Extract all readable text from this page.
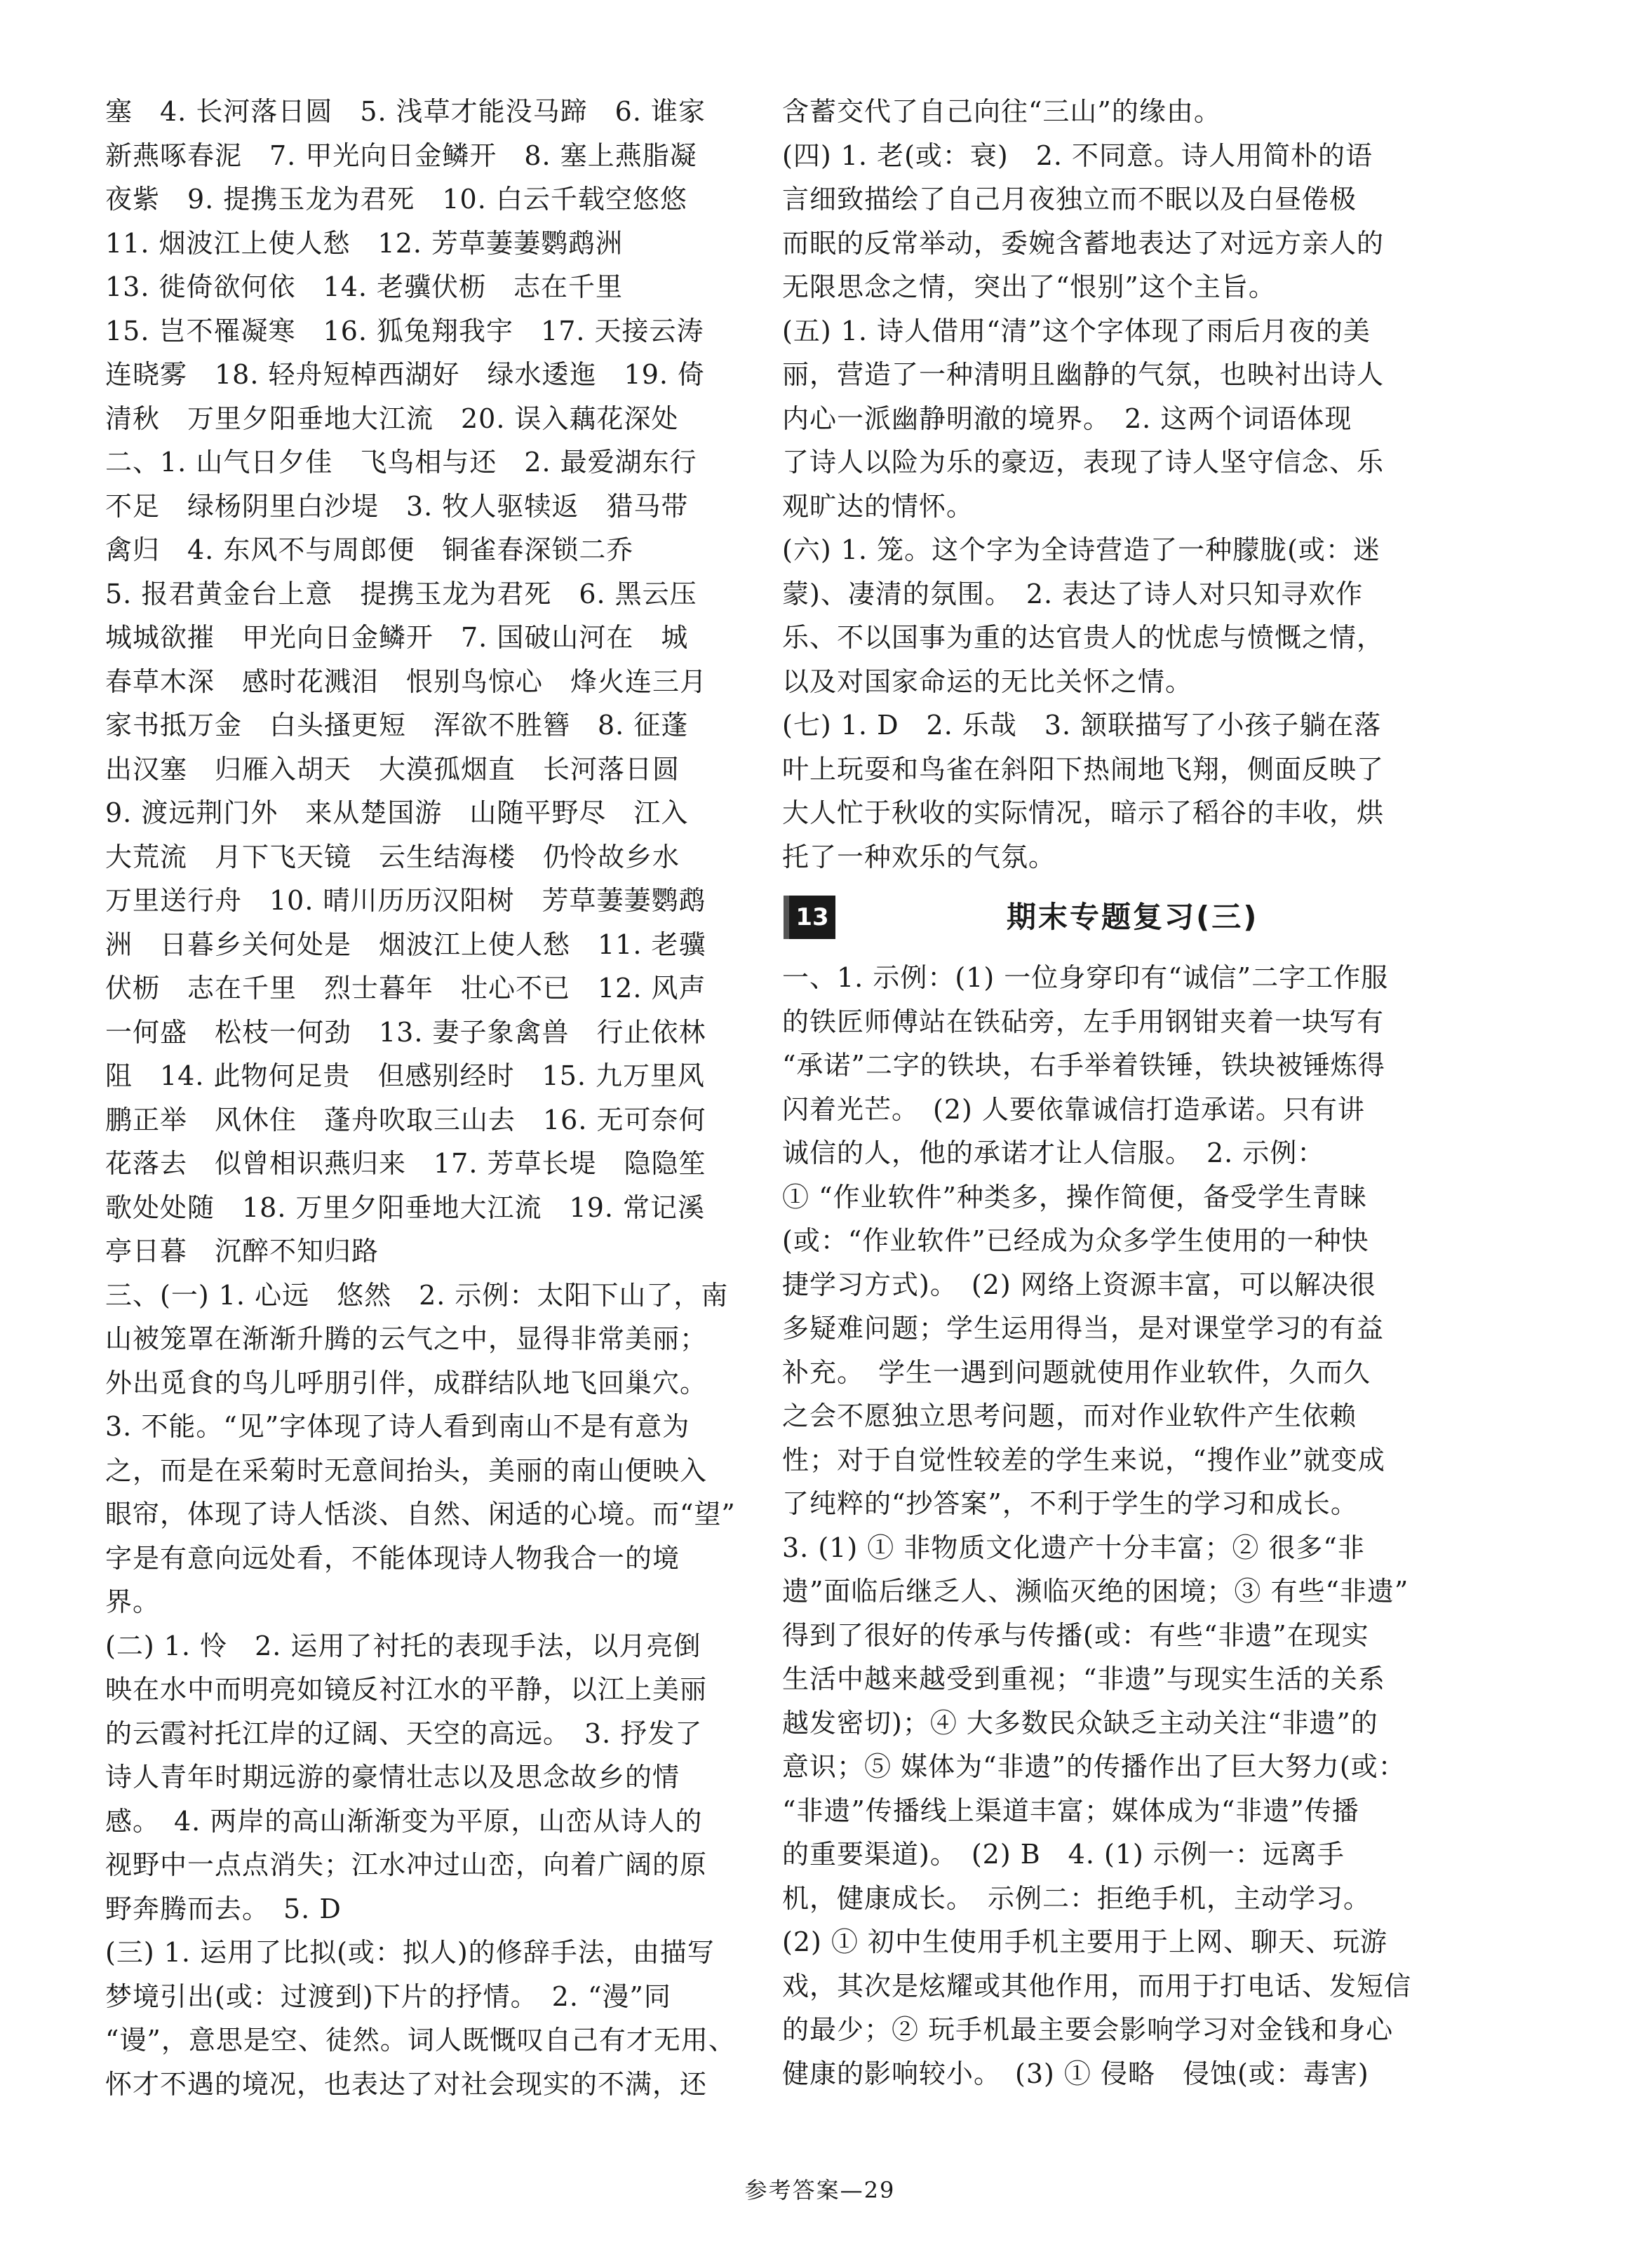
塞　4. 长河落日圆　5. 浅草才能没马蹄　6. 谁家
新燕啄春泥　7. 甲光向日金鳞开　8. 塞上燕脂凝
夜紫　9. 提携玉龙为君死　10. 白云千载空悠悠
11. 烟波江上使人愁　12. 芳草萋萋鹦鹉洲
13. 徙倚欲何依　14. 老骥伏枥　志在千里
15. 岂不罹凝寒　16. 狐兔翔我宇　17. 天接云涛
连晓雾　18. 轻舟短棹西湖好　绿水逶迤　19. 倚
清秋　万里夕阳垂地大江流　20. 误入藕花深处
二、1. 山气日夕佳　飞鸟相与还　2. 最爱湖东行
不足　绿杨阴里白沙堤　3. 牧人驱犊返　猎马带
禽归　4. 东风不与周郎便　铜雀春深锁二乔
5. 报君黄金台上意　提携玉龙为君死　6. 黑云压
城城欲摧　甲光向日金鳞开　7. 国破山河在　城
春草木深　感时花溅泪　恨别鸟惊心　烽火连三月
家书抵万金　白头搔更短　浑欲不胜簪　8. 征蓬
出汉塞　归雁入胡天　大漠孤烟直　长河落日圆
9. 渡远荆门外　来从楚国游　山随平野尽　江入
大荒流　月下飞天镜　云生结海楼　仍怜故乡水
万里送行舟　10. 晴川历历汉阳树　芳草萋萋鹦鹉
洲　日暮乡关何处是　烟波江上使人愁　11. 老骥
伏枥　志在千里　烈士暮年　壮心不已　12. 风声
一何盛　松枝一何劲　13. 妻子象禽兽　行止依林
阻　14. 此物何足贵　但感别经时　15. 九万里风
鹏正举　风休住　蓬舟吹取三山去　16. 无可奈何
花落去　似曾相识燕归来　17. 芳草长堤　隐隐笙
歌处处随　18. 万里夕阳垂地大江流　19. 常记溪
亭日暮　沉醉不知归路
三、(一) 1. 心远　悠然　2. 示例：太阳下山了，南
山被笼罩在渐渐升腾的云气之中，显得非常美丽；
外出觅食的鸟儿呼朋引伴，成群结队地飞回巢穴。
3. 不能。“见”字体现了诗人看到南山不是有意为
之，而是在采菊时无意间抬头，美丽的南山便映入
眼帘，体现了诗人恬淡、自然、闲适的心境。而“望”
字是有意向远处看，不能体现诗人物我合一的境
界。
(二) 1. 怜　2. 运用了衬托的表现手法，以月亮倒
映在水中而明亮如镜反衬江水的平静，以江上美丽
的云霞衬托江岸的辽阔、天空的高远。　3. 抒发了
诗人青年时期远游的豪情壮志以及思念故乡的情
感。　4. 两岸的高山渐渐变为平原，山峦从诗人的
视野中一点点消失；江水冲过山峦，向着广阔的原
野奔腾而去。　5. D
(三) 1. 运用了比拟(或：拟人)的修辞手法，由描写
梦境引出(或：过渡到)下片的抒情。　2. “漫”同
“谩”，意思是空、徒然。词人既慨叹自己有才无用、
怀才不遇的境况，也表达了对社会现实的不满，还
含蓄交代了自己向往“三山”的缘由。
(四) 1. 老(或：衰)　2. 不同意。诗人用简朴的语
言细致描绘了自己月夜独立而不眠以及白昼倦极
而眠的反常举动，委婉含蓄地表达了对远方亲人的
无限思念之情，突出了“恨别”这个主旨。
(五) 1. 诗人借用“清”这个字体现了雨后月夜的美
丽，营造了一种清明且幽静的气氛，也映衬出诗人
内心一派幽静明澈的境界。　2. 这两个词语体现
了诗人以险为乐的豪迈，表现了诗人坚守信念、乐
观旷达的情怀。
(六) 1. 笼。这个字为全诗营造了一种朦胧(或：迷
蒙)、凄清的氛围。　2. 表达了诗人对只知寻欢作
乐、不以国事为重的达官贵人的忧虑与愤慨之情，
以及对国家命运的无比关怀之情。
(七) 1. D　2. 乐哉　3. 颔联描写了小孩子躺在落
叶上玩耍和鸟雀在斜阳下热闹地飞翔，侧面反映了
大人忙于秋收的实际情况，暗示了稻谷的丰收，烘
托了一种欢乐的气氛。
13	期末专题复习(三)
一、1. 示例：(1) 一位身穿印有“诚信”二字工作服
的铁匠师傅站在铁砧旁，左手用钢钳夹着一块写有
“承诺”二字的铁块，右手举着铁锤，铁块被锤炼得
闪着光芒。　(2) 人要依靠诚信打造承诺。只有讲
诚信的人，他的承诺才让人信服。　2. 示例：
① “作业软件”种类多，操作简便，备受学生青睐
(或：“作业软件”已经成为众多学生使用的一种快
捷学习方式)。　(2) 网络上资源丰富，可以解决很
多疑难问题；学生运用得当，是对课堂学习的有益
补充。　学生一遇到问题就使用作业软件，久而久
之会不愿独立思考问题，而对作业软件产生依赖
性；对于自觉性较差的学生来说，“搜作业”就变成
了纯粹的“抄答案”，不利于学生的学习和成长。
3. (1) ① 非物质文化遗产十分丰富；② 很多“非
遗”面临后继乏人、濒临灭绝的困境；③ 有些“非遗”
得到了很好的传承与传播(或：有些“非遗”在现实
生活中越来越受到重视；“非遗”与现实生活的关系
越发密切)；④ 大多数民众缺乏主动关注“非遗”的
意识；⑤ 媒体为“非遗”的传播作出了巨大努力(或：
“非遗”传播线上渠道丰富；媒体成为“非遗”传播
的重要渠道)。　(2) B　4. (1) 示例一：远离手
机，健康成长。　示例二：拒绝手机，主动学习。
(2) ① 初中生使用手机主要用于上网、聊天、玩游
戏，其次是炫耀或其他作用，而用于打电话、发短信
的最少；② 玩手机最主要会影响学习对金钱和身心
健康的影响较小。　(3) ① 侵略　侵蚀(或：毒害)
参考答案—29
